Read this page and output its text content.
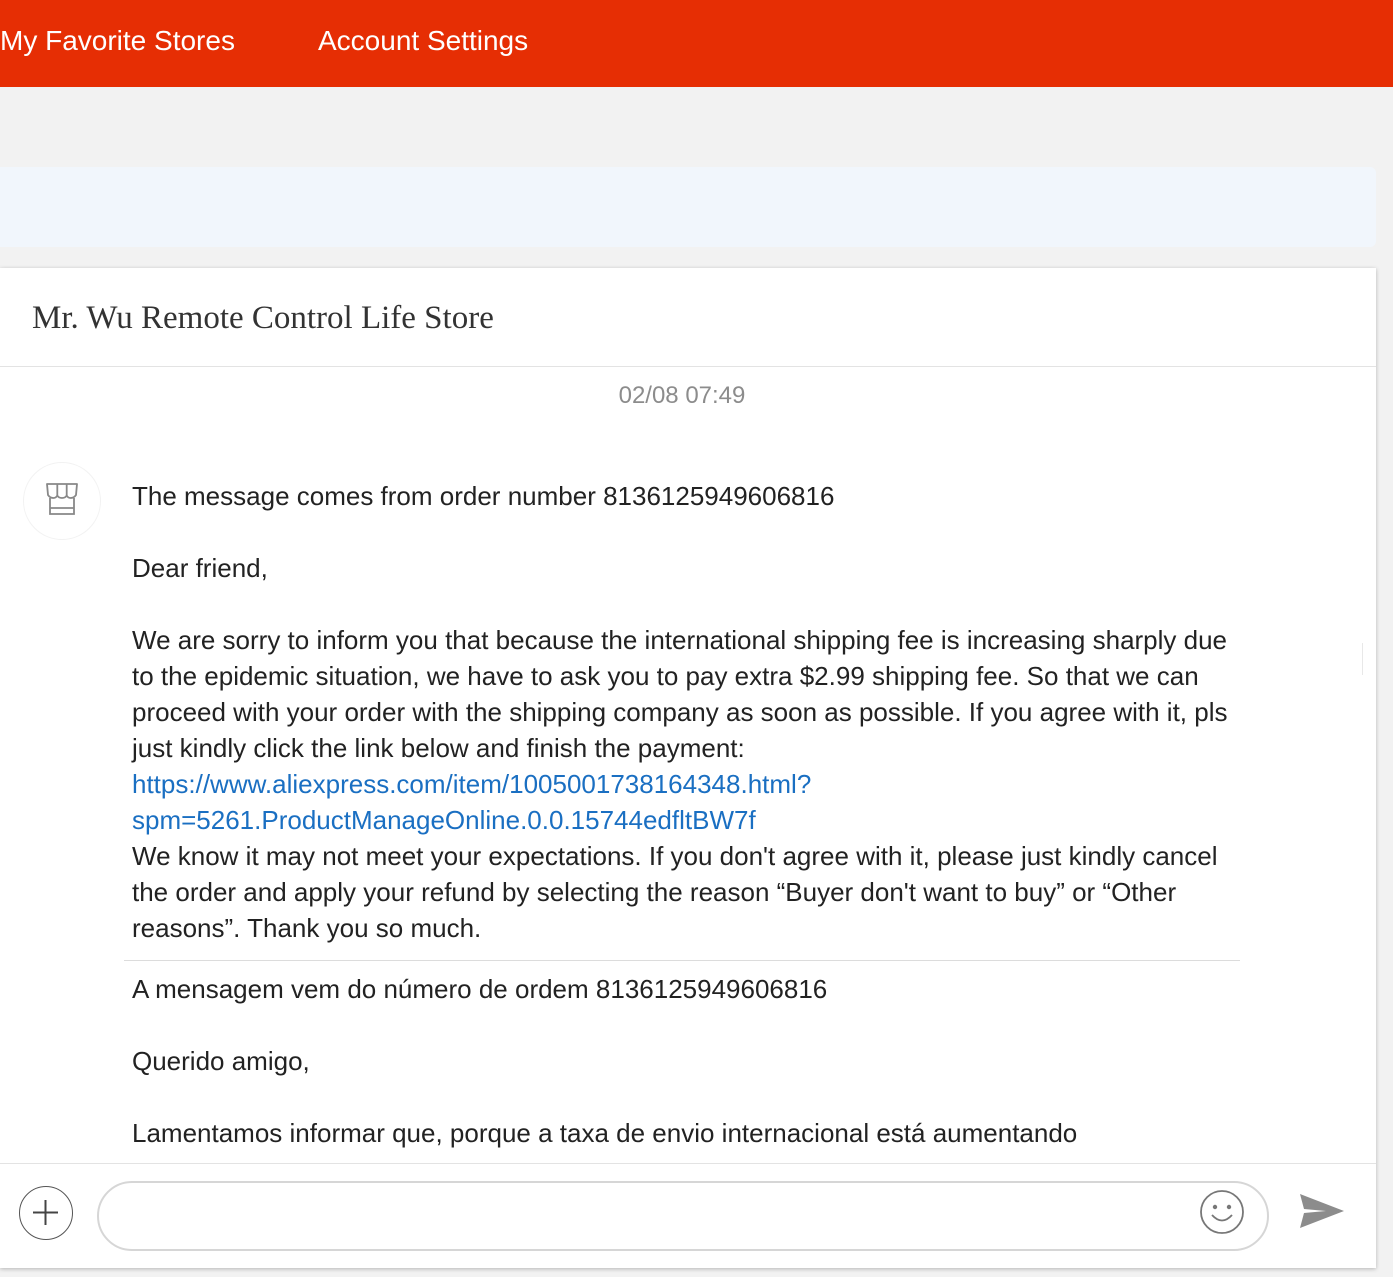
My Favorite Stores	Account Settings
Mr. Wu Remote Control Life Store
02/08 07:49

The message comes from order number 8136125949606816

Dear friend,

We are sorry to inform you that because the international shipping fee is increasing sharply due to the epidemic situation, we have to ask you to pay extra $2.99 shipping fee. So that we can proceed with your order with the shipping company as soon as possible. If you agree with it, pls just kindly click the link below and finish the payment:

https://www.aliexpress.com/item/1005001738164348.html?
spm=5261.ProductManageOnline.0.0.15744edfltBW7f

We know it may not meet your expectations. If you don't agree with it, please just kindly cancel the order and apply your refund by selecting the reason “Buyer don't want to buy” or “Other reasons”. Thank you so much.

A mensagem vem do número de ordem 8136125949606816

Querido amigo,

Lamentamos informar que, porque a taxa de envio internacional está aumentando
